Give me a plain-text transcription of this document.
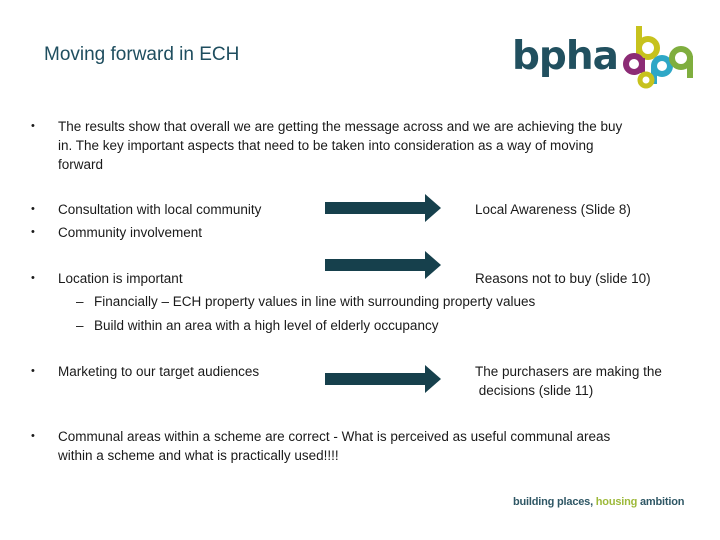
Moving forward in ECH	bpha
• The results show that overall we are getting the message across and we are achieving the buy
in. The key important aspects that need to be taken into consideration as a way of moving
forward
• Consultation with local community
• Community involvement
Local Awareness (Slide 8)
• Location is important	Reasons not to buy (slide 10)
– Financially – ECH property values in line with surrounding property values
– Build within an area with a high level of elderly occupancy
• Marketing to our target audiences	The purchasers are making the
decisions (slide 11)
• Communal areas within a scheme are correct - What is perceived as useful communal areas
within a scheme and what is practically used!!!!
building places, housing ambition
